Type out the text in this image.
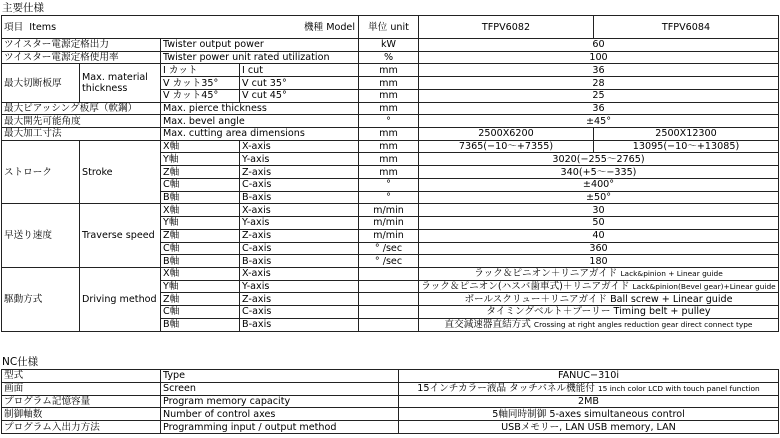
主要仕様
項目 Items 機種 Model				単位 unit	TFPV6082	TFPV6084
ツイスター電源定格出力		Twister output power		kW	60	
ツイスター電源定格使用率		Twister power unit rated utilization		%	100	
最大切断板厚	Max. material thickness	I カット	I cut	mm	36	
		V カット35°	V cut 35°	mm	28	
		V カット45°	V cut 45°	mm	25	
最大ピアッシング板厚（軟鋼）		Max. pierce thickness		mm	36	
最大開先可能角度		Max. bevel angle		°	±45°	
最大加工寸法		Max. cutting area dimensions		mm	2500X6200	2500X12300
ストローク	Stroke	X軸	X-axis	mm	7365(−10〜+7355)	13095(−10〜+13085)
		Y軸	Y-axis	mm	3020(−255〜2765)	
		Z軸	Z-axis	mm	340(+5〜−335)	
		C軸	C-axis	°	±400°	
		B軸	B-axis	°	±50°	
早送り速度	Traverse speed	X軸	X-axis	m/min	30	
		Y軸	Y-axis	m/min	50	
		Z軸	Z-axis	m/min	40	
		C軸	C-axis	° /sec	360	
		B軸	B-axis	° /sec	180	
駆動方式	Driving method	X軸	X-axis		ラック＆ピニオン＋リニアガイド Lack&pinion + Linear guide	
		Y軸	Y-axis		ラック＆ピニオン(ハスバ歯車式)＋リニアガイド Lack&pinion(Bevel gear)+Linear guide	
		Z軸	Z-axis		ボールスクリュー＋リニアガイド Ball screw + Linear guide	
		C軸	C-axis		タイミングベルト＋プーリー Timing belt + pulley	
		B軸	B-axis		直交減速器直結方式 Crossing at right angles reduction gear direct connect type	
NC仕様
型式	Type	FANUC−310i
画面	Screen	15インチカラー液晶 タッチパネル機能付 15 inch color LCD with touch panel function
プログラム記憶容量	Program memory capacity	2MB
制御軸数	Number of control axes	5軸同時制御 5-axes simultaneous control
プログラム入出力方法	Programming input / output method	USBメモリー, LAN USB memory, LAN
